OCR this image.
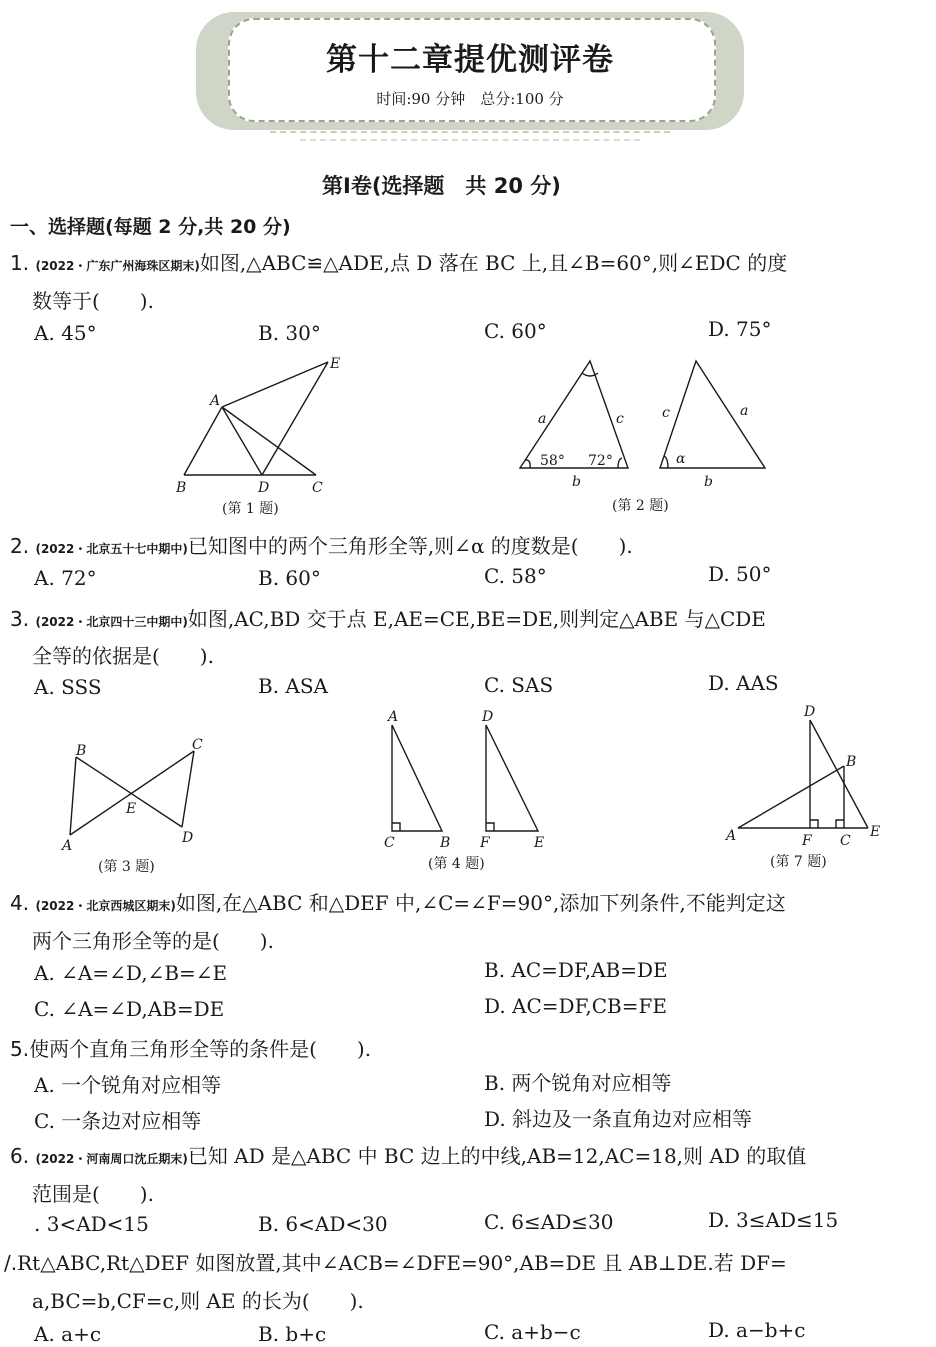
第十二章提优测评卷
时间:90 分钟　总分:100 分
第Ⅰ卷(选择题　共 20 分)
一、选择题(每题 2 分,共 20 分)
1. (2022・广东广州海珠区期末)如图,△ABC≌△ADE,点 D 落在 BC 上,且∠B=60°,则∠EDC 的度
数等于(　　).
A. 45°	B. 30°	C. 60°	D. 75°
A
B	C
D
E
(第 1 题)
a	c
58° 72°
b
c	a
α
b
(第 2 题)
2. (2022・北京五十七中期中)已知图中的两个三角形全等,则∠α 的度数是(　　).
A. 72°	B. 60°	C. 58°	D. 50°
3. (2022・北京四十三中期中)如图,AC,BD 交于点 E,AE=CE,BE=DE,则判定△ABE 与△CDE
全等的依据是(　　).
A. SSS	B. ASA	C. SAS	D. AAS
A
B	C
D
E
(第 3 题)
A
C	B
D
F	E
(第 4 题)
D
B
A	F C
E
(第 7 题)
4. (2022・北京西城区期末)如图,在△ABC 和△DEF 中,∠C=∠F=90°,添加下列条件,不能判定这
两个三角形全等的是(　　).
A. ∠A=∠D,∠B=∠E	B. AC=DF,AB=DE
C. ∠A=∠D,AB=DE	D. AC=DF,CB=FE
5.使两个直角三角形全等的条件是(　　).
A. 一个锐角对应相等	B. 两个锐角对应相等
C. 一条边对应相等	D. 斜边及一条直角边对应相等
6. (2022・河南周口沈丘期末)已知 AD 是△ABC 中 BC 边上的中线,AB=12,AC=18,则 AD 的取值
范围是(　　).
. 3<AD<15	B. 6<AD<30	C. 6≤AD≤30	D. 3≤AD≤15
/.Rt△ABC,Rt△DEF 如图放置,其中∠ACB=∠DFE=90°,AB=DE 且 AB⊥DE.若 DF=
a,BC=b,CF=c,则 AE 的长为(　　).
A. a+c	B. b+c	C. a+b−c	D. a−b+c
